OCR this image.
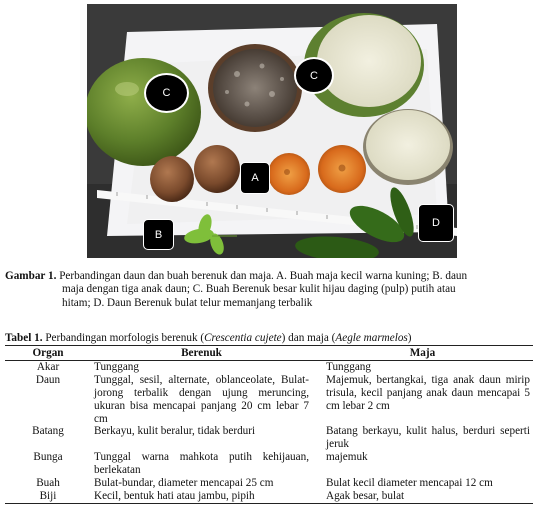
C
C
A
B
D
Gambar 1. Perbandingan daun dan buah berenuk dan maja. A. Buah maja kecil warna kuning; B. daun
maja dengan tiga anak daun; C. Buah Berenuk besar kulit hijau daging (pulp) putih atau
hitam; D. Daun Berenuk bulat telur memanjang terbalik
Tabel 1. Perbandingan morfologis berenuk (Crescentia cujete) dan maja (Aegle marmelos)
Organ	Berenuk	Maja
Akar	Tunggang	Tunggang
Daun	Tunggal, sesil, alternate, oblanceolate, Bulat-jorong terbalik dengan ujung meruncing, ukuran bisa mencapai panjang 20 cm lebar 7 cm	Majemuk, bertangkai, tiga anak daun mirip trisula, kecil panjang anak daun mencapai 5 cm lebar 2 cm
Batang	Berkayu, kulit beralur, tidak berduri	Batang berkayu, kulit halus, berduri seperti jeruk
Bunga	Tunggal warna mahkota putih kehijauan, berlekatan	majemuk
Buah	Bulat-bundar, diameter mencapai 25 cm	Bulat kecil diameter mencapai 12 cm
Biji	Kecil, bentuk hati atau jambu, pipih	Agak besar, bulat
